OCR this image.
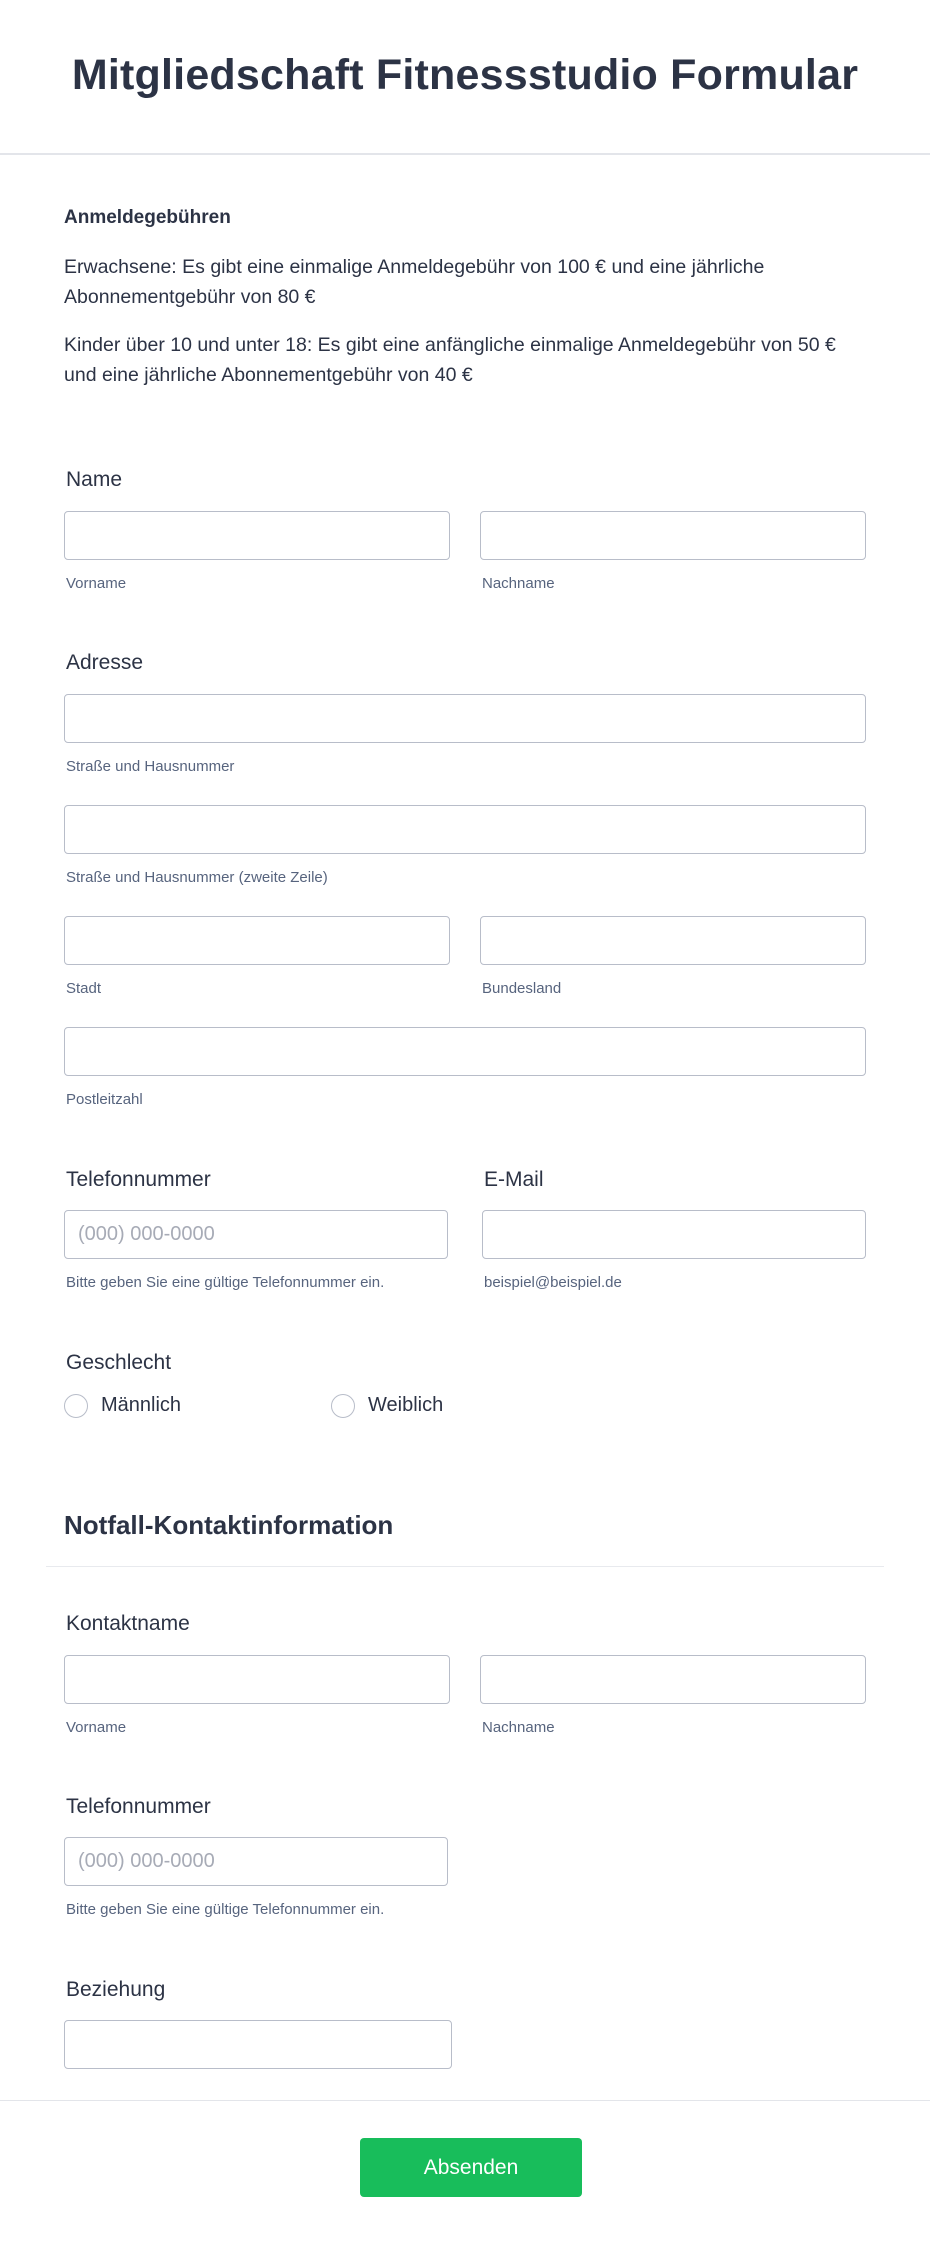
Mitgliedschaft Fitnessstudio Formular
Anmeldegebühren
Erwachsene: Es gibt eine einmalige Anmeldegebühr von 100 € und eine jährliche Abonnementgebühr von 80 €
Kinder über 10 und unter 18: Es gibt eine anfängliche einmalige Anmeldegebühr von 50 € und eine jährliche Abonnementgebühr von 40 €
Name
Vorname	Nachname
Adresse
Straße und Hausnummer
Straße und Hausnummer (zweite Zeile)
Stadt	Bundesland
Postleitzahl
Telefonnummer	E-Mail
(000) 000-0000
Bitte geben Sie eine gültige Telefonnummer ein.	beispiel@beispiel.de
Geschlecht
Männlich	Weiblich
Notfall-Kontaktinformation
Kontaktname
Vorname	Nachname
Telefonnummer
(000) 000-0000
Bitte geben Sie eine gültige Telefonnummer ein.
Beziehung
Absenden
